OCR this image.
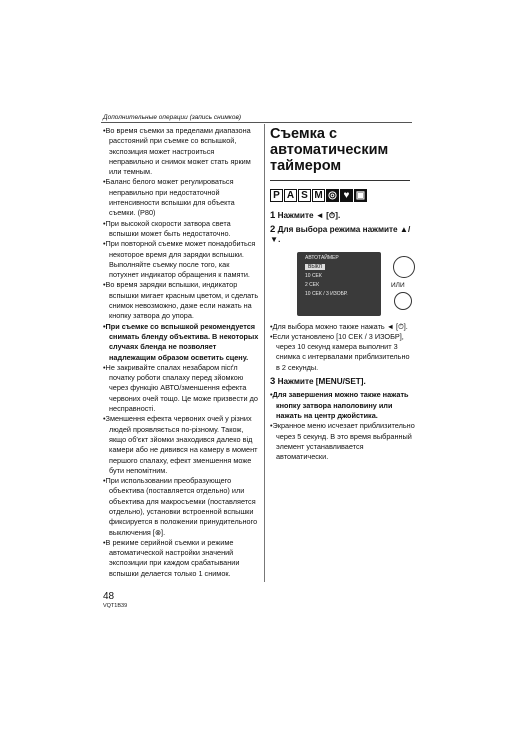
Дополнительные операции (запись снимков)

•Во время съемки за пределами диапазона расстояний при съемке со вспышкой, экспозиция может настроиться неправильно и снимок может стать ярким или темным.

•Баланс белого может регулироваться неправильно при недостаточной интенсивности вспышки для объекта съемки. (P80)

•При высокой скорости затвора света вспышки может быть недостаточно.

•При повторной съемке может понадобиться некоторое время для зарядки вспышки. Выполняйте съемку после того, как потухнет индикатор обращения к памяти.

•Во время зарядки вспышки, индикатор вспышки мигает красным цветом, и сделать снимок невозможно, даже если нажать на кнопку затвора до упора.

•При съемке со вспышкой рекомендуется снимать бленду объектива. В некоторых случаях бленда не позволяет надлежащим образом осветить сцену.

•Не закривайте спалах незабаром пісґл початку роботи спалаху перед зйомкою через функцію АВТО/зменшення ефекта червоних очей тощо. Це може призвести до несправності.

•Зменшення ефекта червоних очей у різних людей проявляється по-різному. Також, якщо об'єкт зйомки знаходився далеко від камери або не дивився на камеру в момент першого спалаху, ефект зменшення може бути непомітним.

•При использовании преобразующего объектива (поставляется отдельно) или объектива для макросъемки (поставляется отдельно), установки встроенной вспышки фиксируется в положении принудительного выключения [⊗].

•В режиме серийной съемки и режиме автоматической настройки значений экспозиции при каждом срабатывании вспышки делается только 1 снимок.

Съемка с
автоматическим
таймером

P A S M ◎ ♥ ▣

1 Нажмите ◄ [⏱].

2 Для выбора режима нажмите ▲/▼.

АВТОТАЙМЕР
ВЫКЛ
10 СЕК
2 СЕК
10 СЕК / 3 ИЗОБР.
ИЛИ

•Для выбора можно также нажать ◄ [⏱].

•Если установлено [10 СЕК / 3 ИЗОБР], через 10 секунд камера выполнит 3 снимка с интервалами приблизительно в 2 секунды.

3 Нажмите [MENU/SET].

•Для завершения можно также нажать кнопку затвора наполовину или нажать на центр джойстика.

•Экранное меню исчезает приблизительно через 5 секунд. В это время выбранный элемент устанавливается автоматически.

48
VQT1B39
